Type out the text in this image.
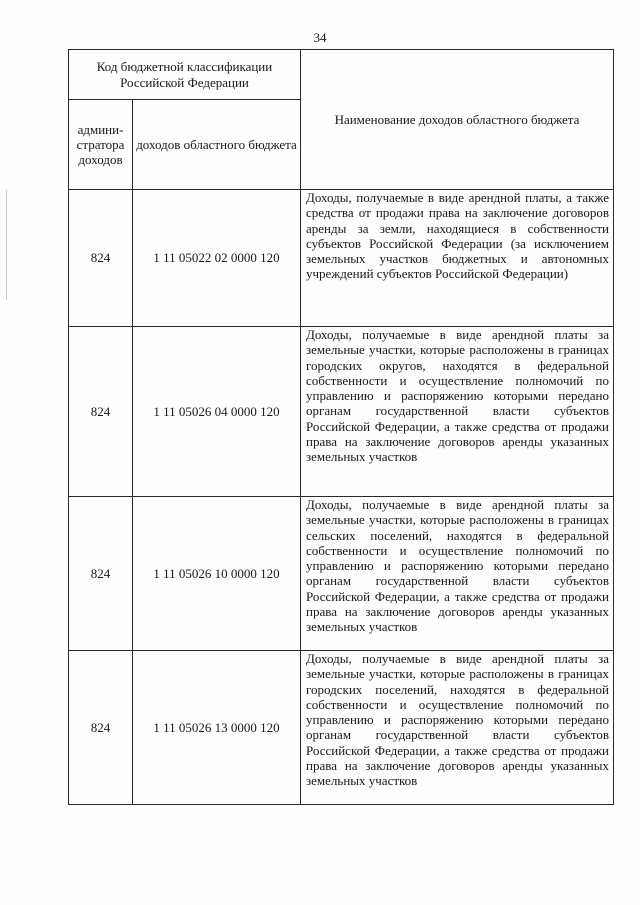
34
Код бюджетной классификации Российской Федерации		Наименование доходов областного бюджета
админи-стратора доходов	доходов областного бюджета	
824	1 11 05022 02 0000 120	Доходы, получаемые в виде арендной платы, а также средства от продажи права на заключение договоров аренды за земли, находящиеся в собственности субъектов Российской Федерации (за исключением земельных участков бюджетных и автономных учреждений субъектов Российской Федерации)
824	1 11 05026 04 0000 120	Доходы, получаемые в виде арендной платы за земельные участки, которые расположены в границах городских округов, находятся в федеральной собственности и осуществление полномочий по управлению и распоряжению которыми передано органам государственной власти субъектов Российской Федерации, а также средства от продажи права на заключение договоров аренды указанных земельных участков
824	1 11 05026 10 0000 120	Доходы, получаемые в виде арендной платы за земельные участки, которые расположены в границах сельских поселений, находятся в федеральной собственности и осуществление полномочий по управлению и распоряжению которыми передано органам государственной власти субъектов Российской Федерации, а также средства от продажи права на заключение договоров аренды указанных земельных участков
824	1 11 05026 13 0000 120	Доходы, получаемые в виде арендной платы за земельные участки, которые расположены в границах городских поселений, находятся в федеральной собственности и осуществление полномочий по управлению и распоряжению которыми передано органам государственной власти субъектов Российской Федерации, а также средства от продажи права на заключение договоров аренды указанных земельных участков
